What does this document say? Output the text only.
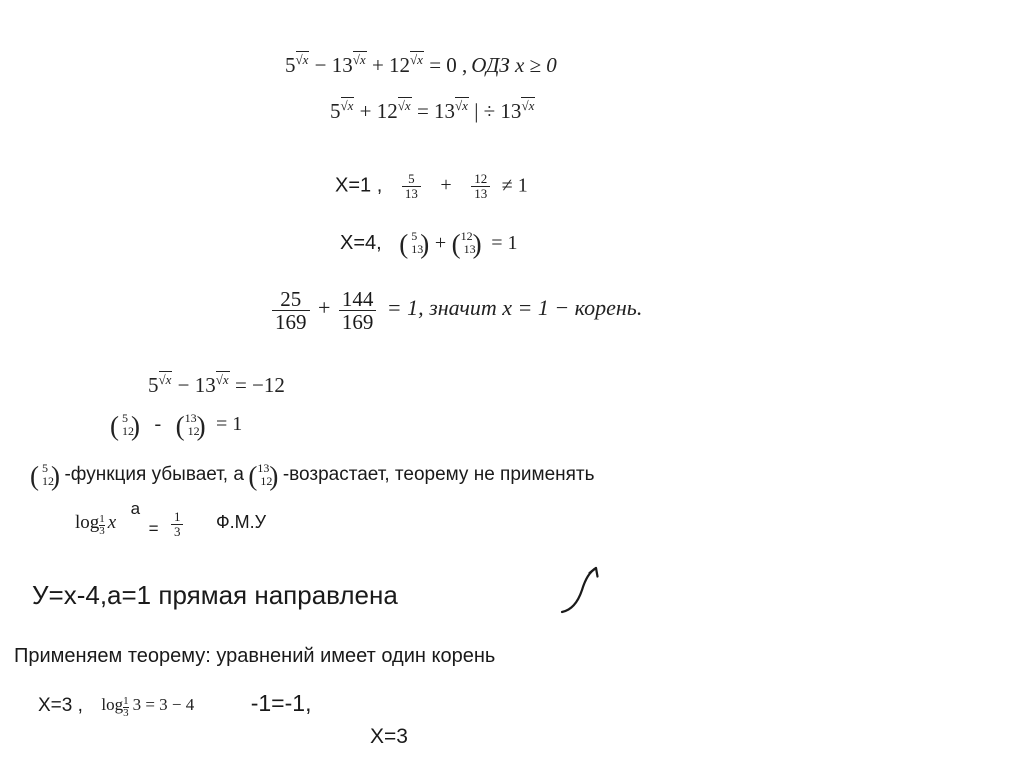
$5^{√x} - 13^{√x} + 12^{√x} = 0$ , ОДЗ x ≥ 0
$5^{√x} + 12^{√x} = 13^{√x}$ | ÷ $13^{√x}$
X=1 , $\frac{5}{13} + \frac{12}{13} \ne 1$
X=4, ( 5
13
) + ( 12
13
) = 1
$\frac{25}{169} + \frac{144}{169} = 1$, значит x = 1 − корень.
$5^{√x} - 13^{√x} = -12$
( 5
12
) - ( 13
12
) = 1
( 5
12
) -функция убывает, а ( 13
12
) -возрастает, теорему не применять
$\log \frac{1}{3}$ x $a = \frac{1}{3} Ф.М.У$
У=х-4,а=1 прямая направлена
Применяем теорему: уравнений имеет один корень
Х=3 , $\log \frac{1}{3} 3 = 3 - 4$ -1=-1,
Х=3
